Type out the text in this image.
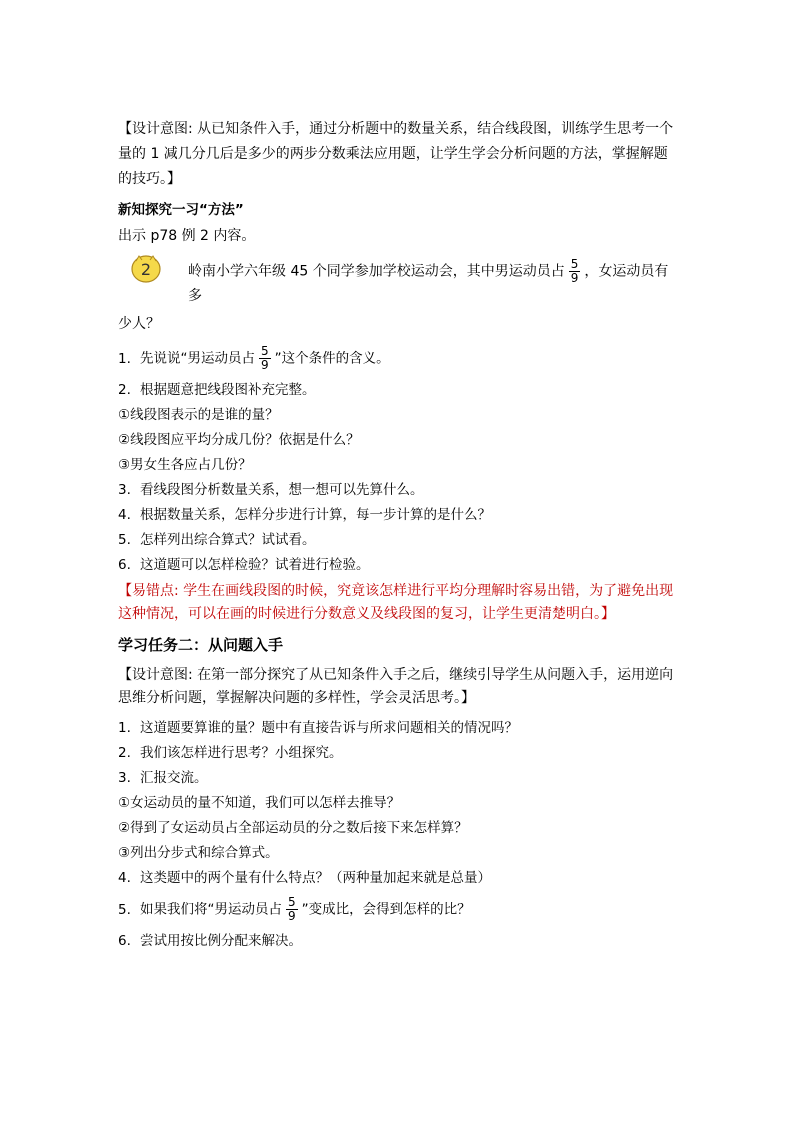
【设计意图: 从已知条件入手，通过分析题中的数量关系，结合线段图，训练学生思考一个量的 1 减几分几后是多少的两步分数乘法应用题，让学生学会分析问题的方法，掌握解题的技巧。】

新知探究一习“方法”

出示 p78 例 2 内容。

2	岭南小学六年级 45 个同学参加学校运动会，其中男运动员占 $\frac{5}{9}$ ，女运动员有多

少人？

1. 先说说“男运动员占 $\frac{5}{9}$ ”这个条件的含义。

2. 根据题意把线段图补充完整。

①线段图表示的是谁的量？

②线段图应平均分成几份？依据是什么？

③男女生各应占几份？

3. 看线段图分析数量关系，想一想可以先算什么。

4. 根据数量关系，怎样分步进行计算，每一步计算的是什么？

5. 怎样列出综合算式？试试看。

6. 这道题可以怎样检验？试着进行检验。

【易错点: 学生在画线段图的时候，究竟该怎样进行平均分理解时容易出错，为了避免出现这种情况，可以在画的时候进行分数意义及线段图的复习，让学生更清楚明白。】

学习任务二：从问题入手

【设计意图: 在第一部分探究了从已知条件入手之后，继续引导学生从问题入手，运用逆向思维分析问题，掌握解决问题的多样性，学会灵活思考。】

1. 这道题要算谁的量？题中有直接告诉与所求问题相关的情况吗？

2. 我们该怎样进行思考？小组探究。

3. 汇报交流。

①女运动员的量不知道，我们可以怎样去推导？

②得到了女运动员占全部运动员的分之数后接下来怎样算？

③列出分步式和综合算式。

4. 这类题中的两个量有什么特点？（两种量加起来就是总量）

5. 如果我们将“男运动员占 $\frac{5}{9}$ ”变成比，会得到怎样的比？

6. 尝试用按比例分配来解决。
